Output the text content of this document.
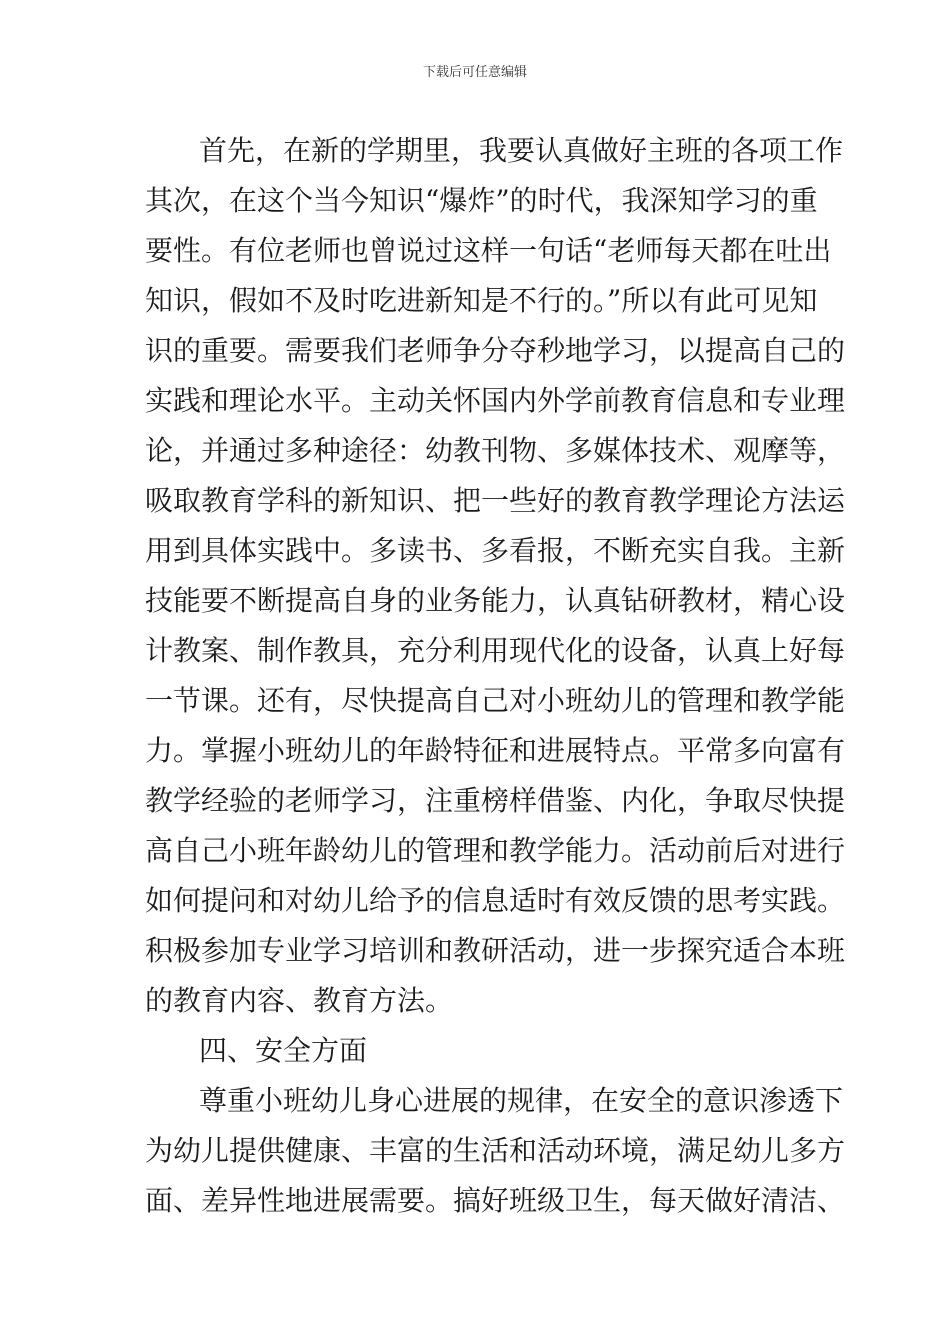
下载后可任意编辑
首先，在新的学期里，我要认真做好主班的各项工作
其次，在这个当今知识“爆炸”的时代，我深知学习的重
要性。有位老师也曾说过这样一句话“老师每天都在吐出
知识，假如不及时吃进新知是不行的。”所以有此可见知
识的重要。需要我们老师争分夺秒地学习，以提高自己的
实践和理论水平。主动关怀国内外学前教育信息和专业理
论，并通过多种途径：幼教刊物、多媒体技术、观摩等，
吸取教育学科的新知识、把一些好的教育教学理论方法运
用到具体实践中。多读书、多看报，不断充实自我。主新
技能要不断提高自身的业务能力，认真钻研教材，精心设
计教案、制作教具，充分利用现代化的设备，认真上好每
一节课。还有，尽快提高自己对小班幼儿的管理和教学能
力。掌握小班幼儿的年龄特征和进展特点。平常多向富有
教学经验的老师学习，注重榜样借鉴、内化，争取尽快提
高自己小班年龄幼儿的管理和教学能力。活动前后对进行
如何提问和对幼儿给予的信息适时有效反馈的思考实践。
积极参加专业学习培训和教研活动，进一步探究适合本班
的教育内容、教育方法。
四、安全方面
尊重小班幼儿身心进展的规律，在安全的意识渗透下
为幼儿提供健康、丰富的生活和活动环境，满足幼儿多方
面、差异性地进展需要。搞好班级卫生，每天做好清洁、
